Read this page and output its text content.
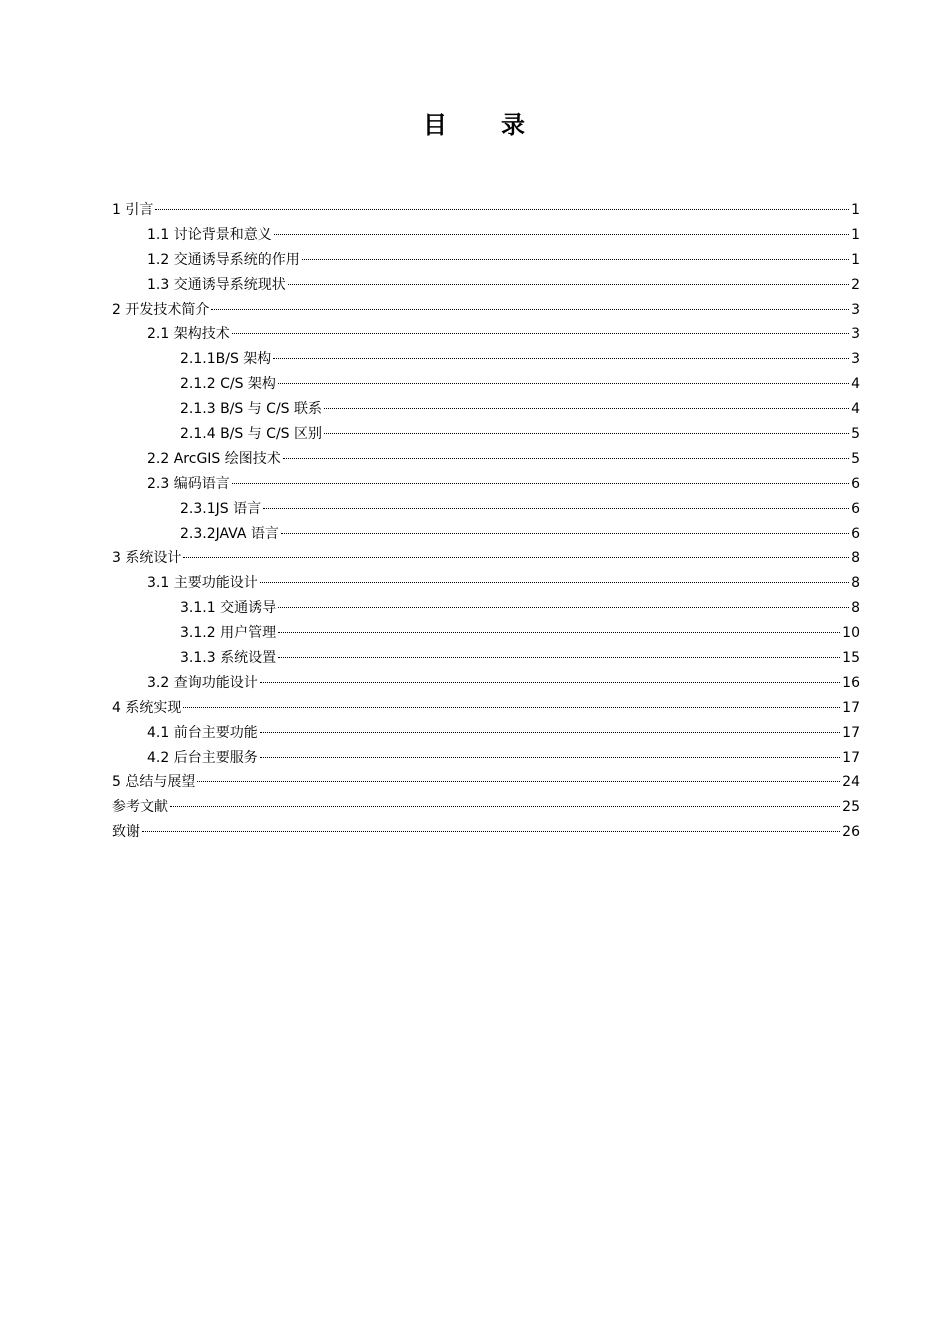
目　　录
1 引言	1
1.1 讨论背景和意义	1
1.2 交通诱导系统的作用	1
1.3 交通诱导系统现状	2
2 开发技术简介	3
2.1 架构技术	3
2.1.1B/S 架构	3
2.1.2 C/S 架构	4
2.1.3 B/S 与 C/S 联系	4
2.1.4 B/S 与 C/S 区别	5
2.2 ArcGIS 绘图技术	5
2.3 编码语言	6
2.3.1JS 语言	6
2.3.2JAVA 语言	6
3 系统设计	8
3.1 主要功能设计	8
3.1.1 交通诱导	8
3.1.2 用户管理	10
3.1.3 系统设置	15
3.2 查询功能设计	16
4 系统实现	17
4.1 前台主要功能	17
4.2 后台主要服务	17
5 总结与展望	24
参考文献	25
致谢	26
